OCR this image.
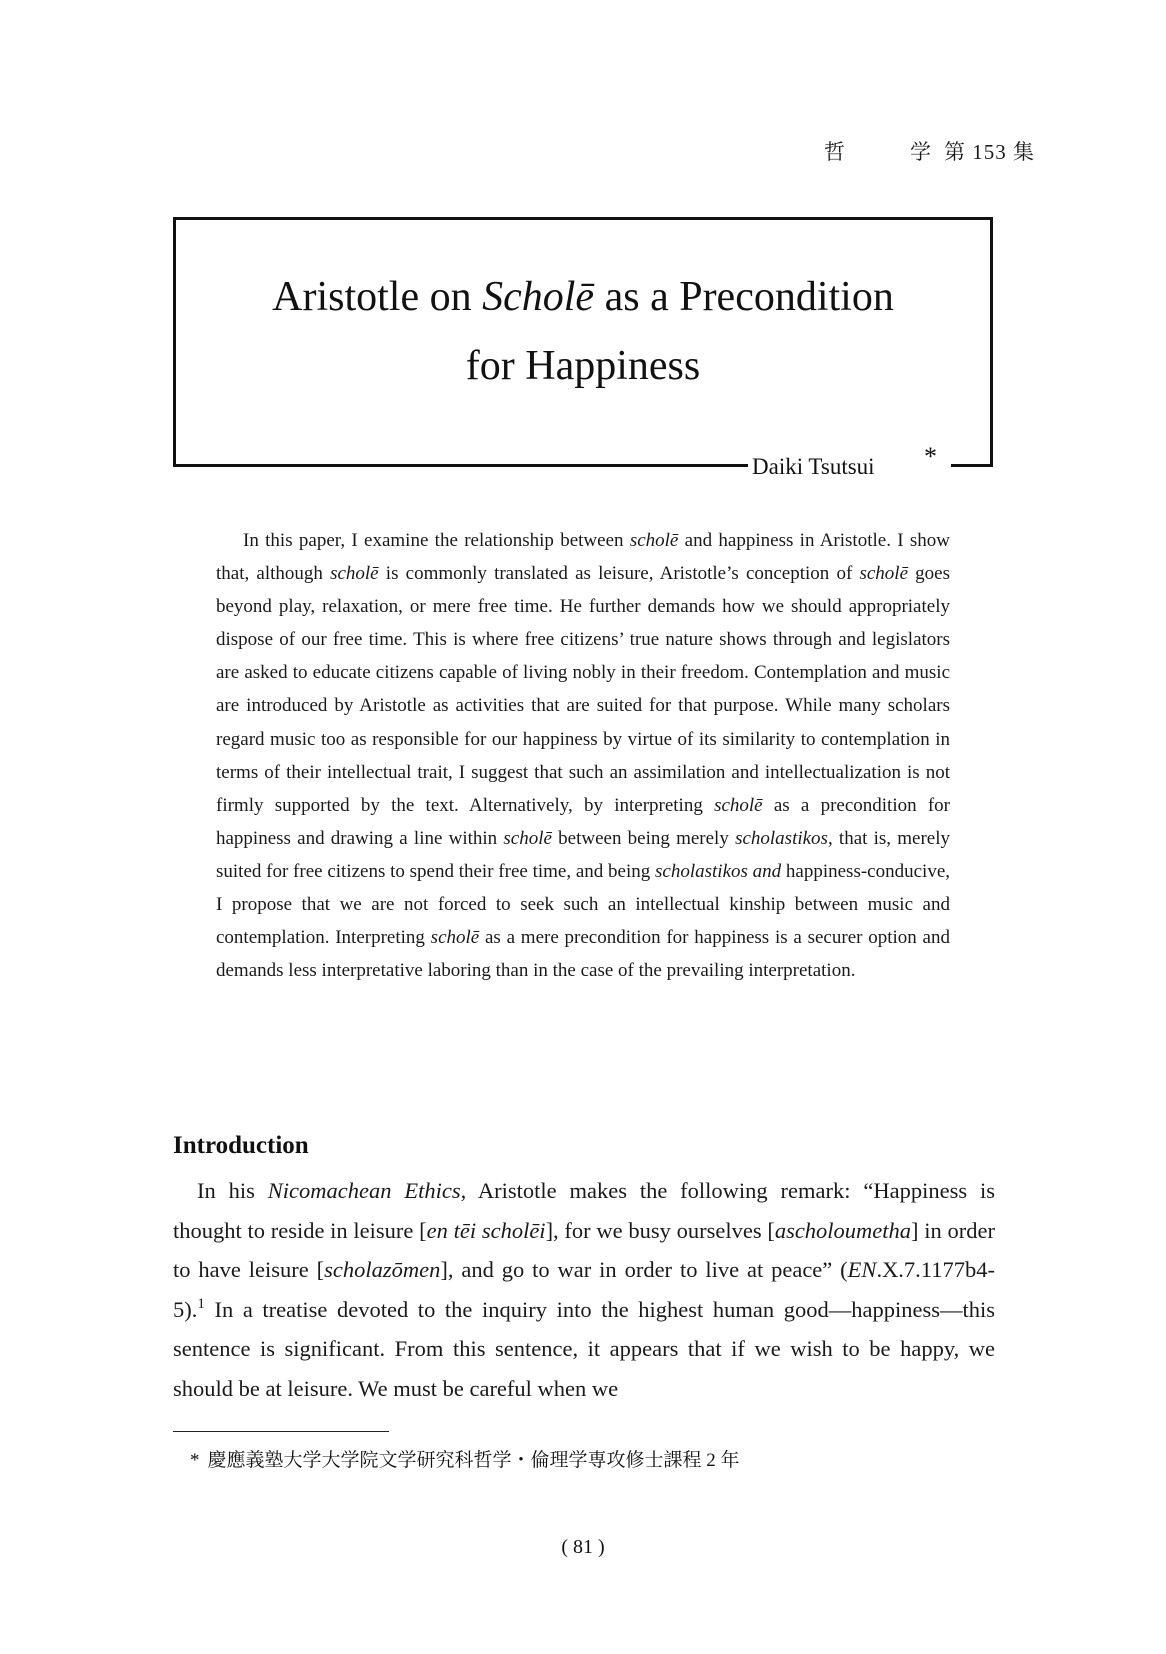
哲	学 第 153 集
Aristotle on Scholē as a Precondition
for Happiness
Daiki Tsutsui *

In this paper, I examine the relationship between scholē and happiness in Aristotle. I show that, although scholē is commonly translated as leisure, Aristotle’s conception of scholē goes beyond play, relaxation, or mere free time. He further demands how we should appropriately dispose of our free time. This is where free citizens’ true nature shows through and legislators are asked to educate citizens capable of living nobly in their freedom. Contemplation and music are introduced by Aristotle as activities that are suited for that purpose. While many scholars regard music too as responsible for our happiness by virtue of its similarity to contemplation in terms of their intellectual trait, I suggest that such an assimilation and intellectualization is not firmly supported by the text. Alternatively, by interpreting scholē as a precondition for happiness and drawing a line within scholē between being merely scholastikos, that is, merely suited for free citizens to spend their free time, and being scholastikos and happiness-conducive, I propose that we are not forced to seek such an intellectual kinship between music and contemplation. Interpreting scholē as a mere precondition for happiness is a securer option and demands less interpretative laboring than in the case of the prevailing interpretation.

Introduction

In his Nicomachean Ethics, Aristotle makes the following remark: “Happiness is thought to reside in leisure [en tēi scholēi], for we busy ourselves [ascholoumetha] in order to have leisure [scholazōmen], and go to war in order to live at peace” (EN.X.7.1177b4-5).$^1$ In a treatise devoted to the inquiry into the highest human good—happiness—this sentence is significant. From this sentence, it appears that if we wish to be happy, we should be at leisure. We must be careful when we

* 慶應義塾大学大学院文学研究科哲学・倫理学専攻修士課程 2 年
( 81 )
